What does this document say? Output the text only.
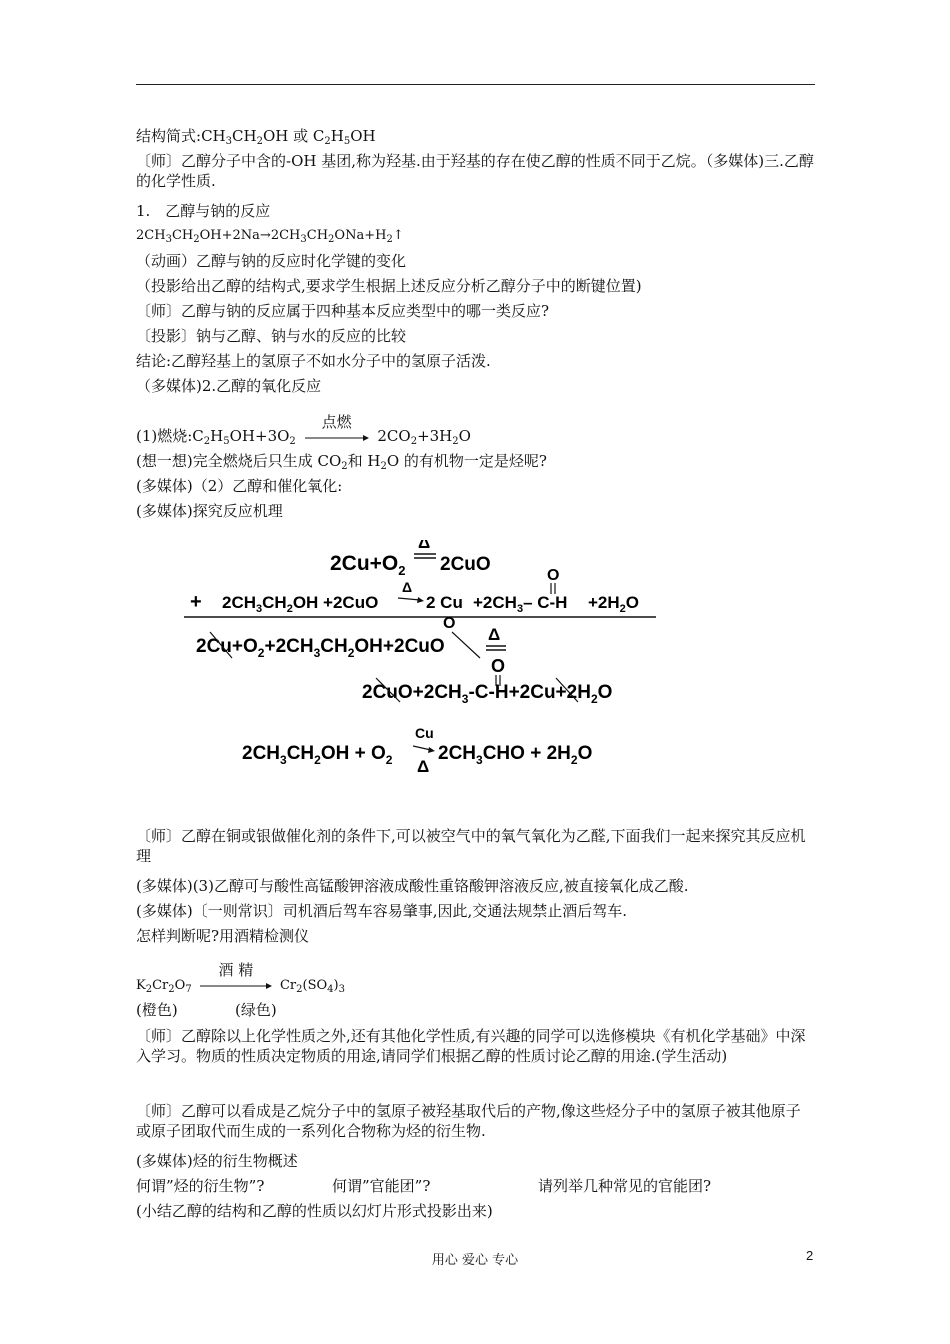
结构简式$:CH_3CH_2OH$ 或 $C_2H_5OH$
〔师〕乙醇分子中含的-OH 基团,称为羟基.由于羟基的存在使乙醇的性质不同于乙烷。（多媒体)三.乙醇的化学性质.
1.　乙醇与钠的反应
$2CH_3CH_2OH+2Na\to 2CH_3CH_2ONa+H_2↑$
（动画）乙醇与钠的反应时化学键的变化
（投影给出乙醇的结构式,要求学生根据上述反应分析乙醇分子中的断键位置)
〔师〕乙醇与钠的反应属于四种基本反应类型中的哪一类反应?
〔投影〕钠与乙醇、钠与水的反应的比较
结论:乙醇羟基上的氢原子不如水分子中的氢原子活泼.
（多媒体)2.乙醇的氧化反应
(1)燃烧$:C_2H_5OH+3O_2$
点燃
$2CO_2+3H_2O$
(想一想)完全燃烧后只生成 $CO_2$和 $H_2O$ 的有机物一定是烃呢?
(多媒体)（2）乙醇和催化氧化:
(多媒体)探究反应机理
$2Cu+O_2$
Δ
2CuO
+ $2CH_3CH_2OH +2CuO$
Δ
2 $Cu +2CH_3-$ C-H
O
$+2H_2O$
O
$2Cu+O_2+2CH_3CH_2OH+2CuO$
Δ
O
$2CuO+2CH_3-C-H+2Cu+2H_2O$
$2CH_3CH_2OH + O_2$
Cu
Δ
$2CH_3CHO + 2H_2O$
〔师〕乙醇在铜或银做催化剂的条件下,可以被空气中的氧气氧化为乙醛,下面我们一起来探究其反应机理
(多媒体)(3)乙醇可与酸性高锰酸钾溶液成酸性重铬酸钾溶液反应,被直接氧化成乙酸.
(多媒体)〔一则常识〕司机酒后驾车容易肇事,因此,交通法规禁止酒后驾车.
怎样判断呢?用酒精检测仪
$K_2Cr_2O_7$
酒 精
$Cr_2(SO_4)_3$
(橙色)	(绿色)
〔师〕乙醇除以上化学性质之外,还有其他化学性质,有兴趣的同学可以选修模块《有机化学基础》中深入学习。物质的性质决定物质的用途,请同学们根据乙醇的性质讨论乙醇的用途.(学生活动)
〔师〕乙醇可以看成是乙烷分子中的氢原子被羟基取代后的产物,像这些烃分子中的氢原子被其他原子或原子团取代而生成的一系列化合物称为烃的衍生物.
(多媒体)烃的衍生物概述
何谓”烃的衍生物”?	何谓”官能团”?	请列举几种常见的官能团?
(小结乙醇的结构和乙醇的性质以幻灯片形式投影出来)
用心 爱心 专心	2
